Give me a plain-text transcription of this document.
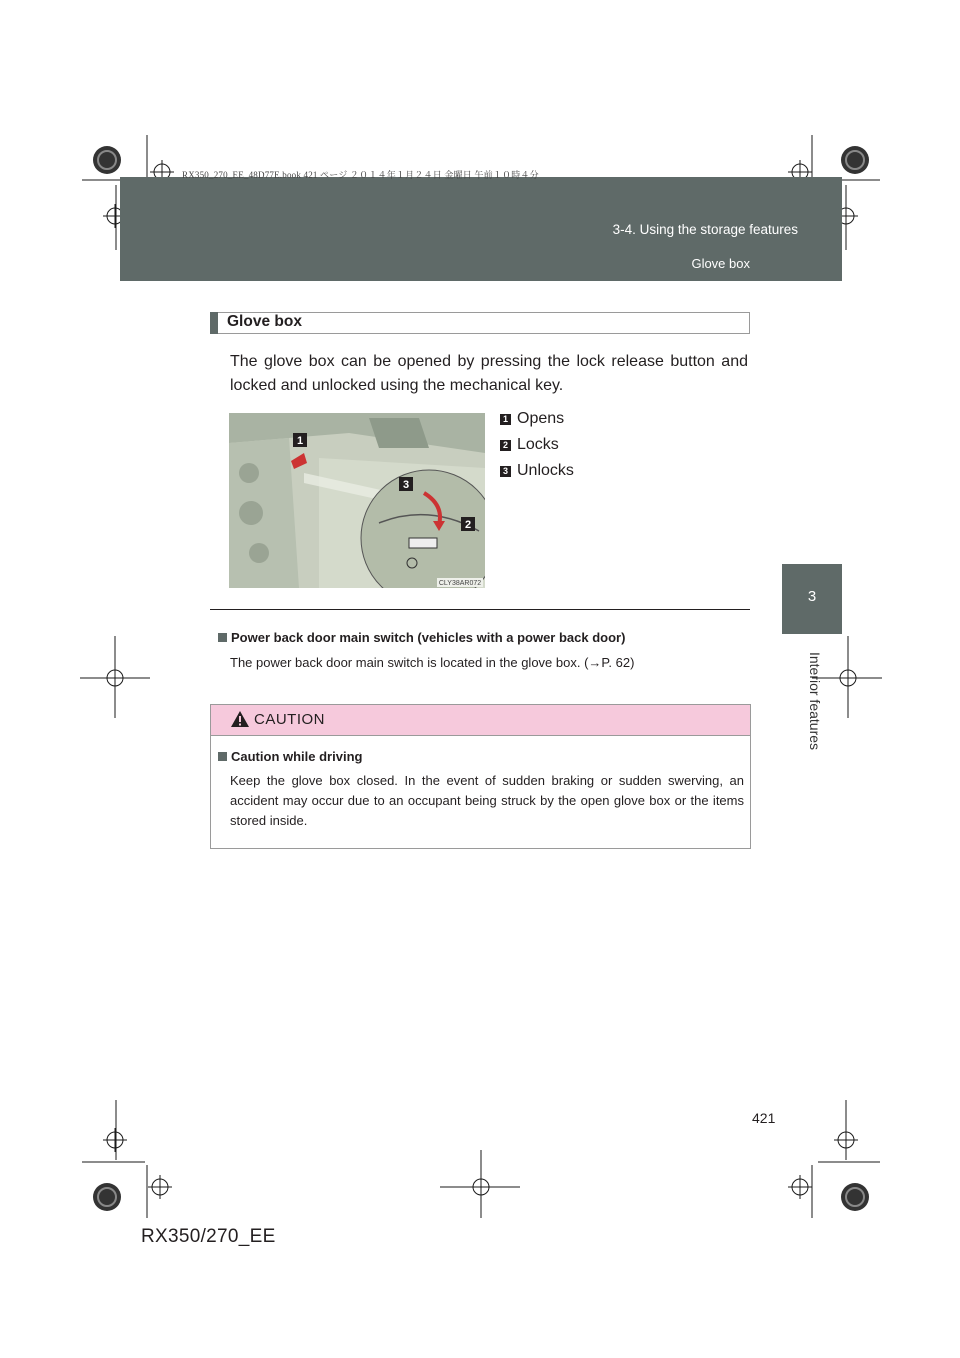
RX350_270_EE_48D77E.book 421 ページ ２０１４年１月２４日 金曜日 午前１０時４分
3-4. Using the storage features
Glove box
3
Interior features
Glove box
The glove box can be opened by pressing the lock release button and locked and unlocked using the mechanical key.
1
3
2
CLY38AR072
1 Opens
2 Locks
3 Unlocks
Power back door main switch (vehicles with a power back door)
The power back door main switch is located in the glove box. (→P. 62)
CAUTION
Caution while driving
Keep the glove box closed. In the event of sudden braking or sudden swerving, an accident may occur due to an occupant being struck by the open glove box or the items stored inside.
421
RX350/270_EE
